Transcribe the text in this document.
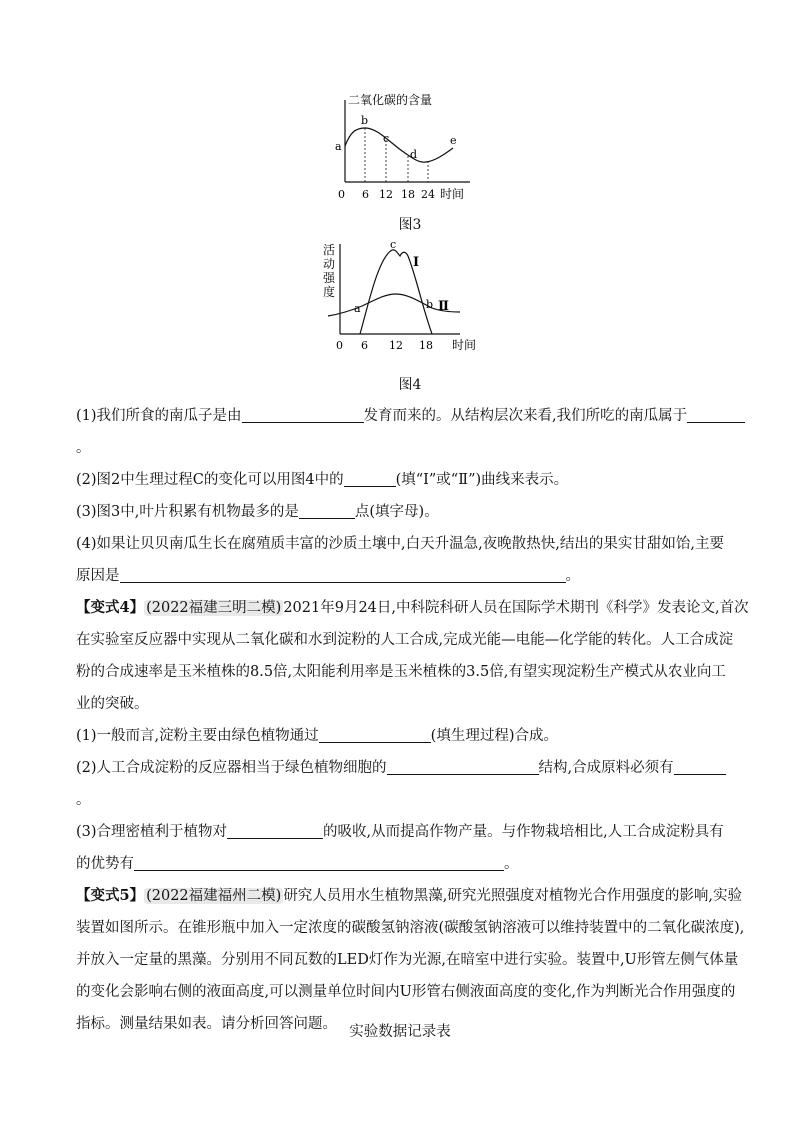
二氧化碳的含量
a
b
c
d
e
0 6 12 18 24 时间
图3
活
动
强
度
a
c
b
Ⅰ
Ⅱ
0 6 12 18 时间
图4
(1)我们所食的南瓜子是由	发育而来的。从结构层次来看,我们所吃的南瓜属于
。
(2)图2中生理过程C的变化可以用图4中的	(填“Ⅰ”或“Ⅱ”)曲线来表示。
(3)图3中,叶片积累有机物最多的是	点(填字母)。
(4)如果让贝贝南瓜生长在腐殖质丰富的沙质土壤中,白天升温急,夜晚散热快,结出的果实甘甜如饴,主要
原因是	。
【变式4】 (2022福建三明二模) 2021年9月24日,中科院科研人员在国际学术期刊《科学》发表论文,首次
在实验室反应器中实现从二氧化碳和水到淀粉的人工合成,完成光能—电能—化学能的转化。人工合成淀
粉的合成速率是玉米植株的8.5倍,太阳能利用率是玉米植株的3.5倍,有望实现淀粉生产模式从农业向工
业的突破。
(1)一般而言,淀粉主要由绿色植物通过	(填生理过程)合成。
(2)人工合成淀粉的反应器相当于绿色植物细胞的	结构,合成原料必须有
。
(3)合理密植利于植物对	的吸收,从而提高作物产量。与作物栽培相比,人工合成淀粉具有
的优势有	。
【变式5】 (2022福建福州二模) 研究人员用水生植物黑藻,研究光照强度对植物光合作用强度的影响,实验
装置如图所示。在锥形瓶中加入一定浓度的碳酸氢钠溶液(碳酸氢钠溶液可以维持装置中的二氧化碳浓度),
并放入一定量的黑藻。分别用不同瓦数的LED灯作为光源,在暗室中进行实验。装置中,U形管左侧气体量
的变化会影响右侧的液面高度,可以测量单位时间内U形管右侧液面高度的变化,作为判断光合作用强度的
指标。测量结果如表。请分析回答问题。 实验数据记录表
